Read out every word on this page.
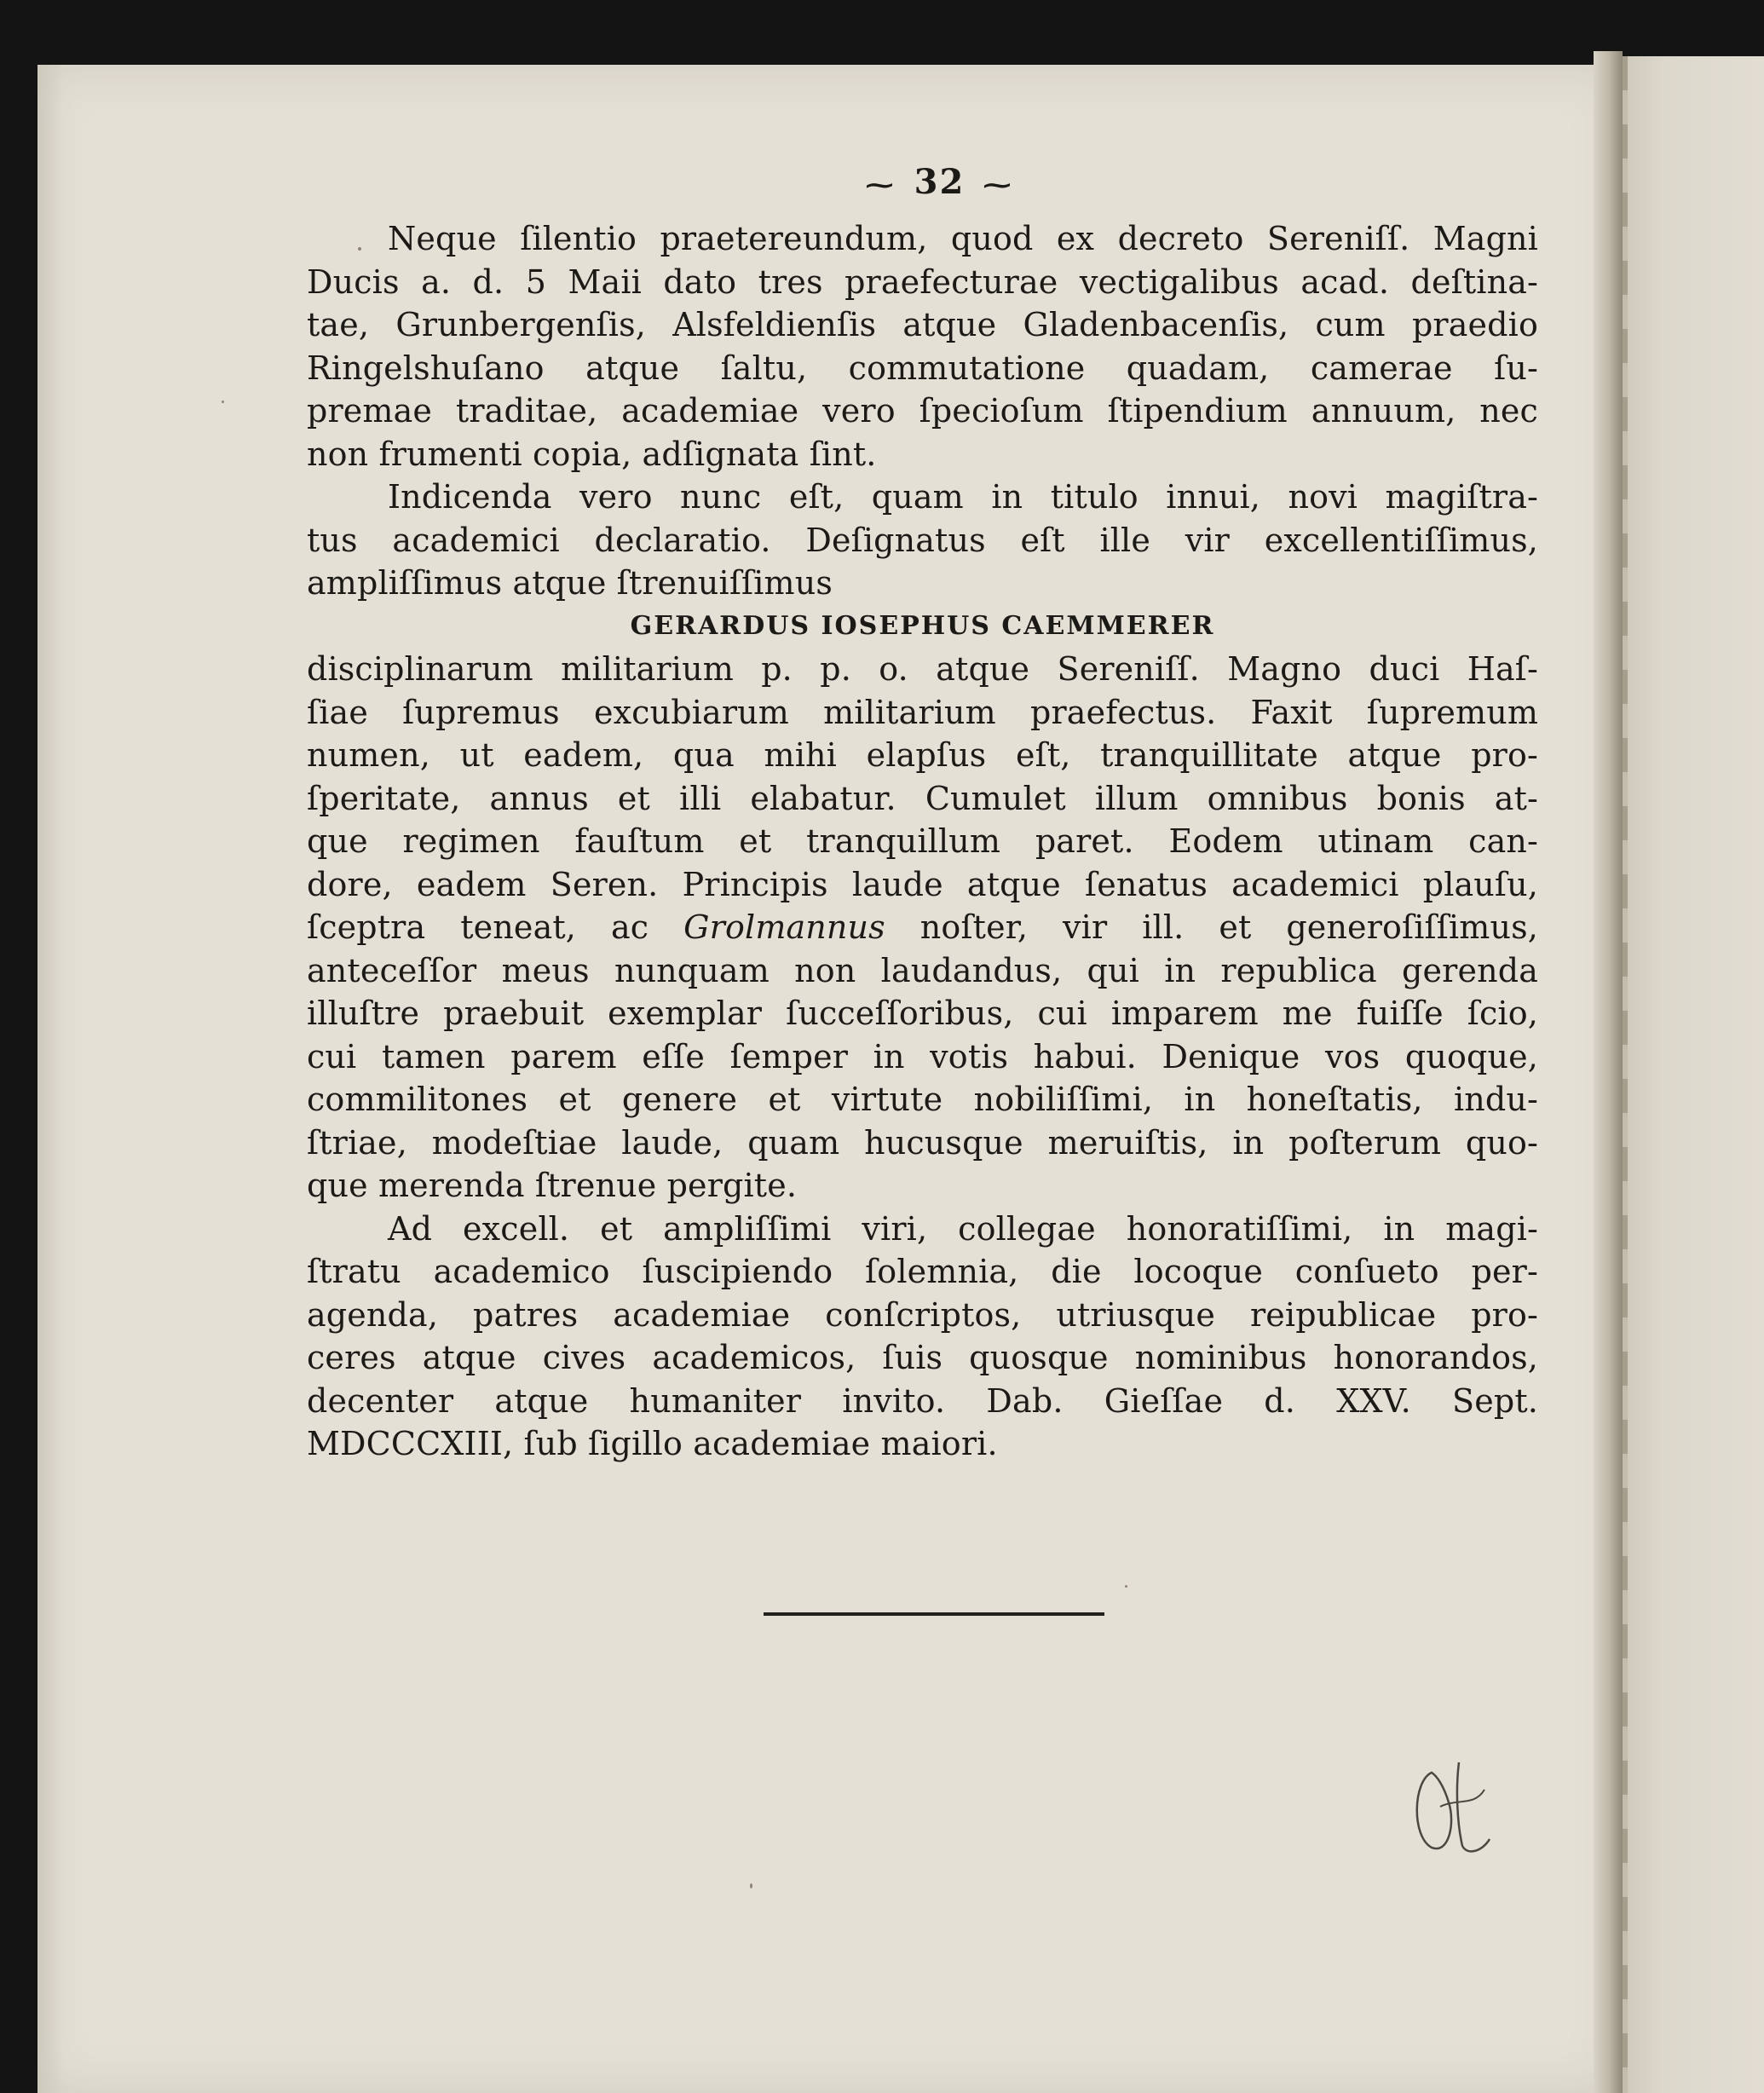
~ 32 ~
Neque ſilentio praetereundum, quod ex decreto Sereniſſ. Magni
Ducis a. d. 5 Maii dato tres praefecturae vectigalibus acad. deſtina-
tae, Grunbergenſis, Alsfeldienſis atque Gladenbacenſis, cum praedio
Ringelshuſano atque ſaltu, commutatione quadam, camerae ſu-
premae traditae, academiae vero ſpecioſum ſtipendium annuum, nec
non frumenti copia, adſignata ſint.
Indicenda vero nunc eſt, quam in titulo innui, novi magiſtra-
tus academici declaratio. Deſignatus eſt ille vir excellentiſſimus,
ampliſſimus atque ſtrenuiſſimus
GERARDUS IOSEPHUS CAEMMERER
disciplinarum militarium p. p. o. atque Sereniſſ. Magno duci Haſ-
ſiae ſupremus excubiarum militarium praefectus. Faxit ſupremum
numen, ut eadem, qua mihi elapſus eſt, tranquillitate atque pro-
ſperitate, annus et illi elabatur. Cumulet illum omnibus bonis at-
que regimen fauſtum et tranquillum paret. Eodem utinam can-
dore, eadem Seren. Principis laude atque ſenatus academici plauſu,
ſceptra teneat, ac Grolmannus noſter, vir ill. et generoſiſſimus,
anteceſſor meus nunquam non laudandus, qui in republica gerenda
illuſtre praebuit exemplar ſucceſſoribus, cui imparem me fuiſſe ſcio,
cui tamen parem eſſe ſemper in votis habui. Denique vos quoque,
commilitones et genere et virtute nobiliſſimi, in honeſtatis, indu-
ſtriae, modeſtiae laude, quam hucusque meruiſtis, in poſterum quo-
que merenda ſtrenue pergite.
Ad excell. et ampliſſimi viri, collegae honoratiſſimi, in magi-
ſtratu academico ſuscipiendo ſolemnia, die locoque conſueto per-
agenda, patres academiae conſcriptos, utriusque reipublicae pro-
ceres atque cives academicos, ſuis quosque nominibus honorandos,
decenter atque humaniter invito. Dab. Gieſſae d. XXV. Sept.
MDCCCXIII, ſub ſigillo academiae maiori.
